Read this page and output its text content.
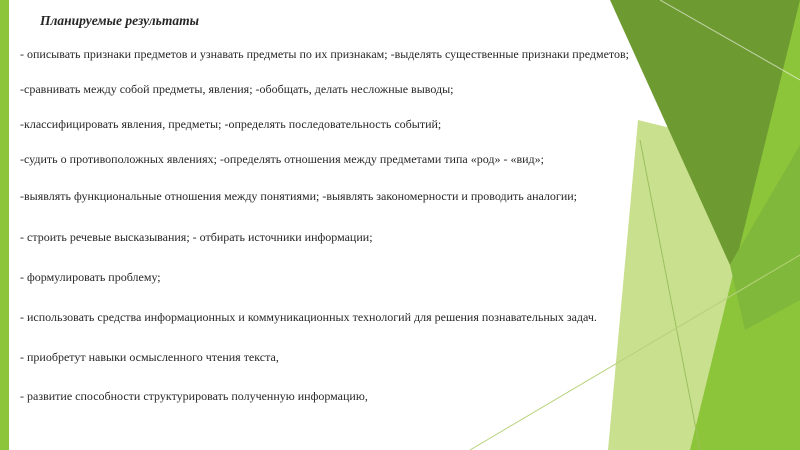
Планируемые результаты
- описывать признаки предметов и узнавать предметы по их признакам; -выделять существенные признаки предметов;
-сравнивать между собой предметы, явления; -обобщать, делать несложные выводы;
-классифицировать явления, предметы; -определять последовательность событий;
-судить о противоположных явлениях; -определять отношения между предметами типа «род» - «вид»;
-выявлять функциональные отношения между понятиями; -выявлять закономерности и проводить аналогии;
- строить речевые высказывания; - отбирать источники информации;
- формулировать проблему;
- использовать средства информационных и коммуникационных технологий для решения познавательных задач.
- приобретут навыки осмысленного чтения текста,
- развитие способности структурировать полученную информацию,
